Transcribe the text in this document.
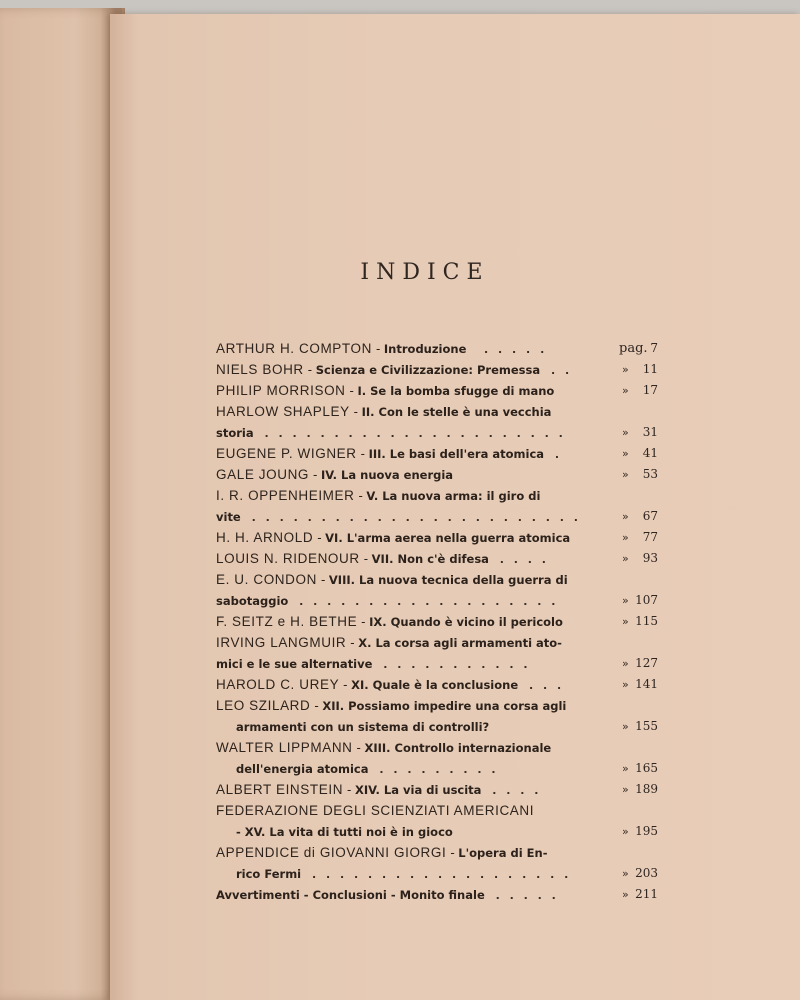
INDICE
ARTHUR H. COMPTON - Introduzione   . . . . .	pag. 7
NIELS BOHR - Scienza e Civilizzazione: Premessa  . .	»	11
PHILIP MORRISON - I. Se la bomba sfugge di mano	»	17
HARLOW SHAPLEY - II. Con le stelle è una vecchia
storia  . . . . . . . . . . . . . . . . . . . . . .	»	31
EUGENE P. WIGNER - III. Le basi dell'era atomica  .	»	41
GALE JOUNG - IV. La nuova energia	»	53
I. R. OPPENHEIMER - V. La nuova arma: il giro di
vite  . . . . . . . . . . . . . . . . . . . . . . . .	»	67
H. H. ARNOLD - VI. L'arma aerea nella guerra atomica	»	77
LOUIS N. RIDENOUR - VII. Non c'è difesa  . . . .	»	93
E. U. CONDON - VIII. La nuova tecnica della guerra di
sabotaggio  . . . . . . . . . . . . . . . . . . .	» 107
F. SEITZ e H. BETHE - IX. Quando è vicino il pericolo	» 115
IRVING LANGMUIR - X. La corsa agli armamenti ato-
mici e le sue alternative  . . . . . . . . . . .	» 127
HAROLD C. UREY - XI. Quale è la conclusione  . . .	» 141
LEO SZILARD - XII. Possiamo impedire una corsa agli
armamenti con un sistema di controlli?	» 155
WALTER LIPPMANN - XIII. Controllo internazionale
dell'energia atomica  . . . . . . . . .	» 165
ALBERT EINSTEIN - XIV. La via di uscita  . . . .	» 189
FEDERAZIONE DEGLI SCIENZIATI AMERICANI
- XV. La vita di tutti noi è in gioco	» 195
APPENDICE di GIOVANNI GIORGI - L'opera di En-
rico Fermi  . . . . . . . . . . . . . . . . . . .	» 203
Avvertimenti - Conclusioni - Monito finale  . . . . .	» 211
